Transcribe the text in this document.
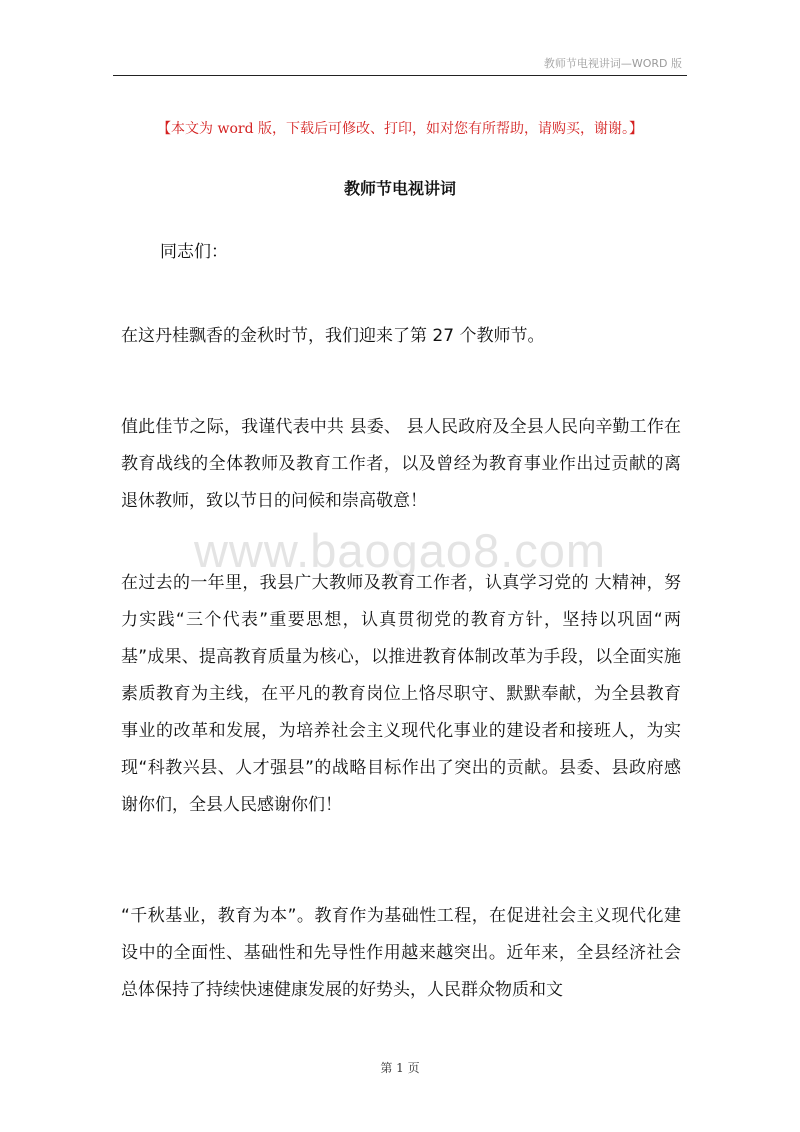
教师节电视讲词—WORD 版
【本文为 word 版，下载后可修改、打印，如对您有所帮助，请购买，谢谢。】
教师节电视讲词
同志们：
在这丹桂飘香的金秋时节，我们迎来了第 27 个教师节。
值此佳节之际，我谨代表中共 县委、 县人民政府及全县人民向辛勤工作在教育战线的全体教师及教育工作者，以及曾经为教育事业作出过贡献的离退休教师，致以节日的问候和崇高敬意！
www.baogao8.com
在过去的一年里，我县广大教师及教育工作者，认真学习党的 大精神，努力实践“三个代表”重要思想，认真贯彻党的教育方针，坚持以巩固“两基”成果、提高教育质量为核心，以推进教育体制改革为手段，以全面实施素质教育为主线，在平凡的教育岗位上恪尽职守、默默奉献，为全县教育事业的改革和发展，为培养社会主义现代化事业的建设者和接班人，为实现“科教兴县、人才强县”的战略目标作出了突出的贡献。县委、县政府感谢你们，全县人民感谢你们！
“千秋基业，教育为本”。教育作为基础性工程，在促进社会主义现代化建设中的全面性、基础性和先导性作用越来越突出。近年来，全县经济社会总体保持了持续快速健康发展的好势头，人民群众物质和文
第 1 页
